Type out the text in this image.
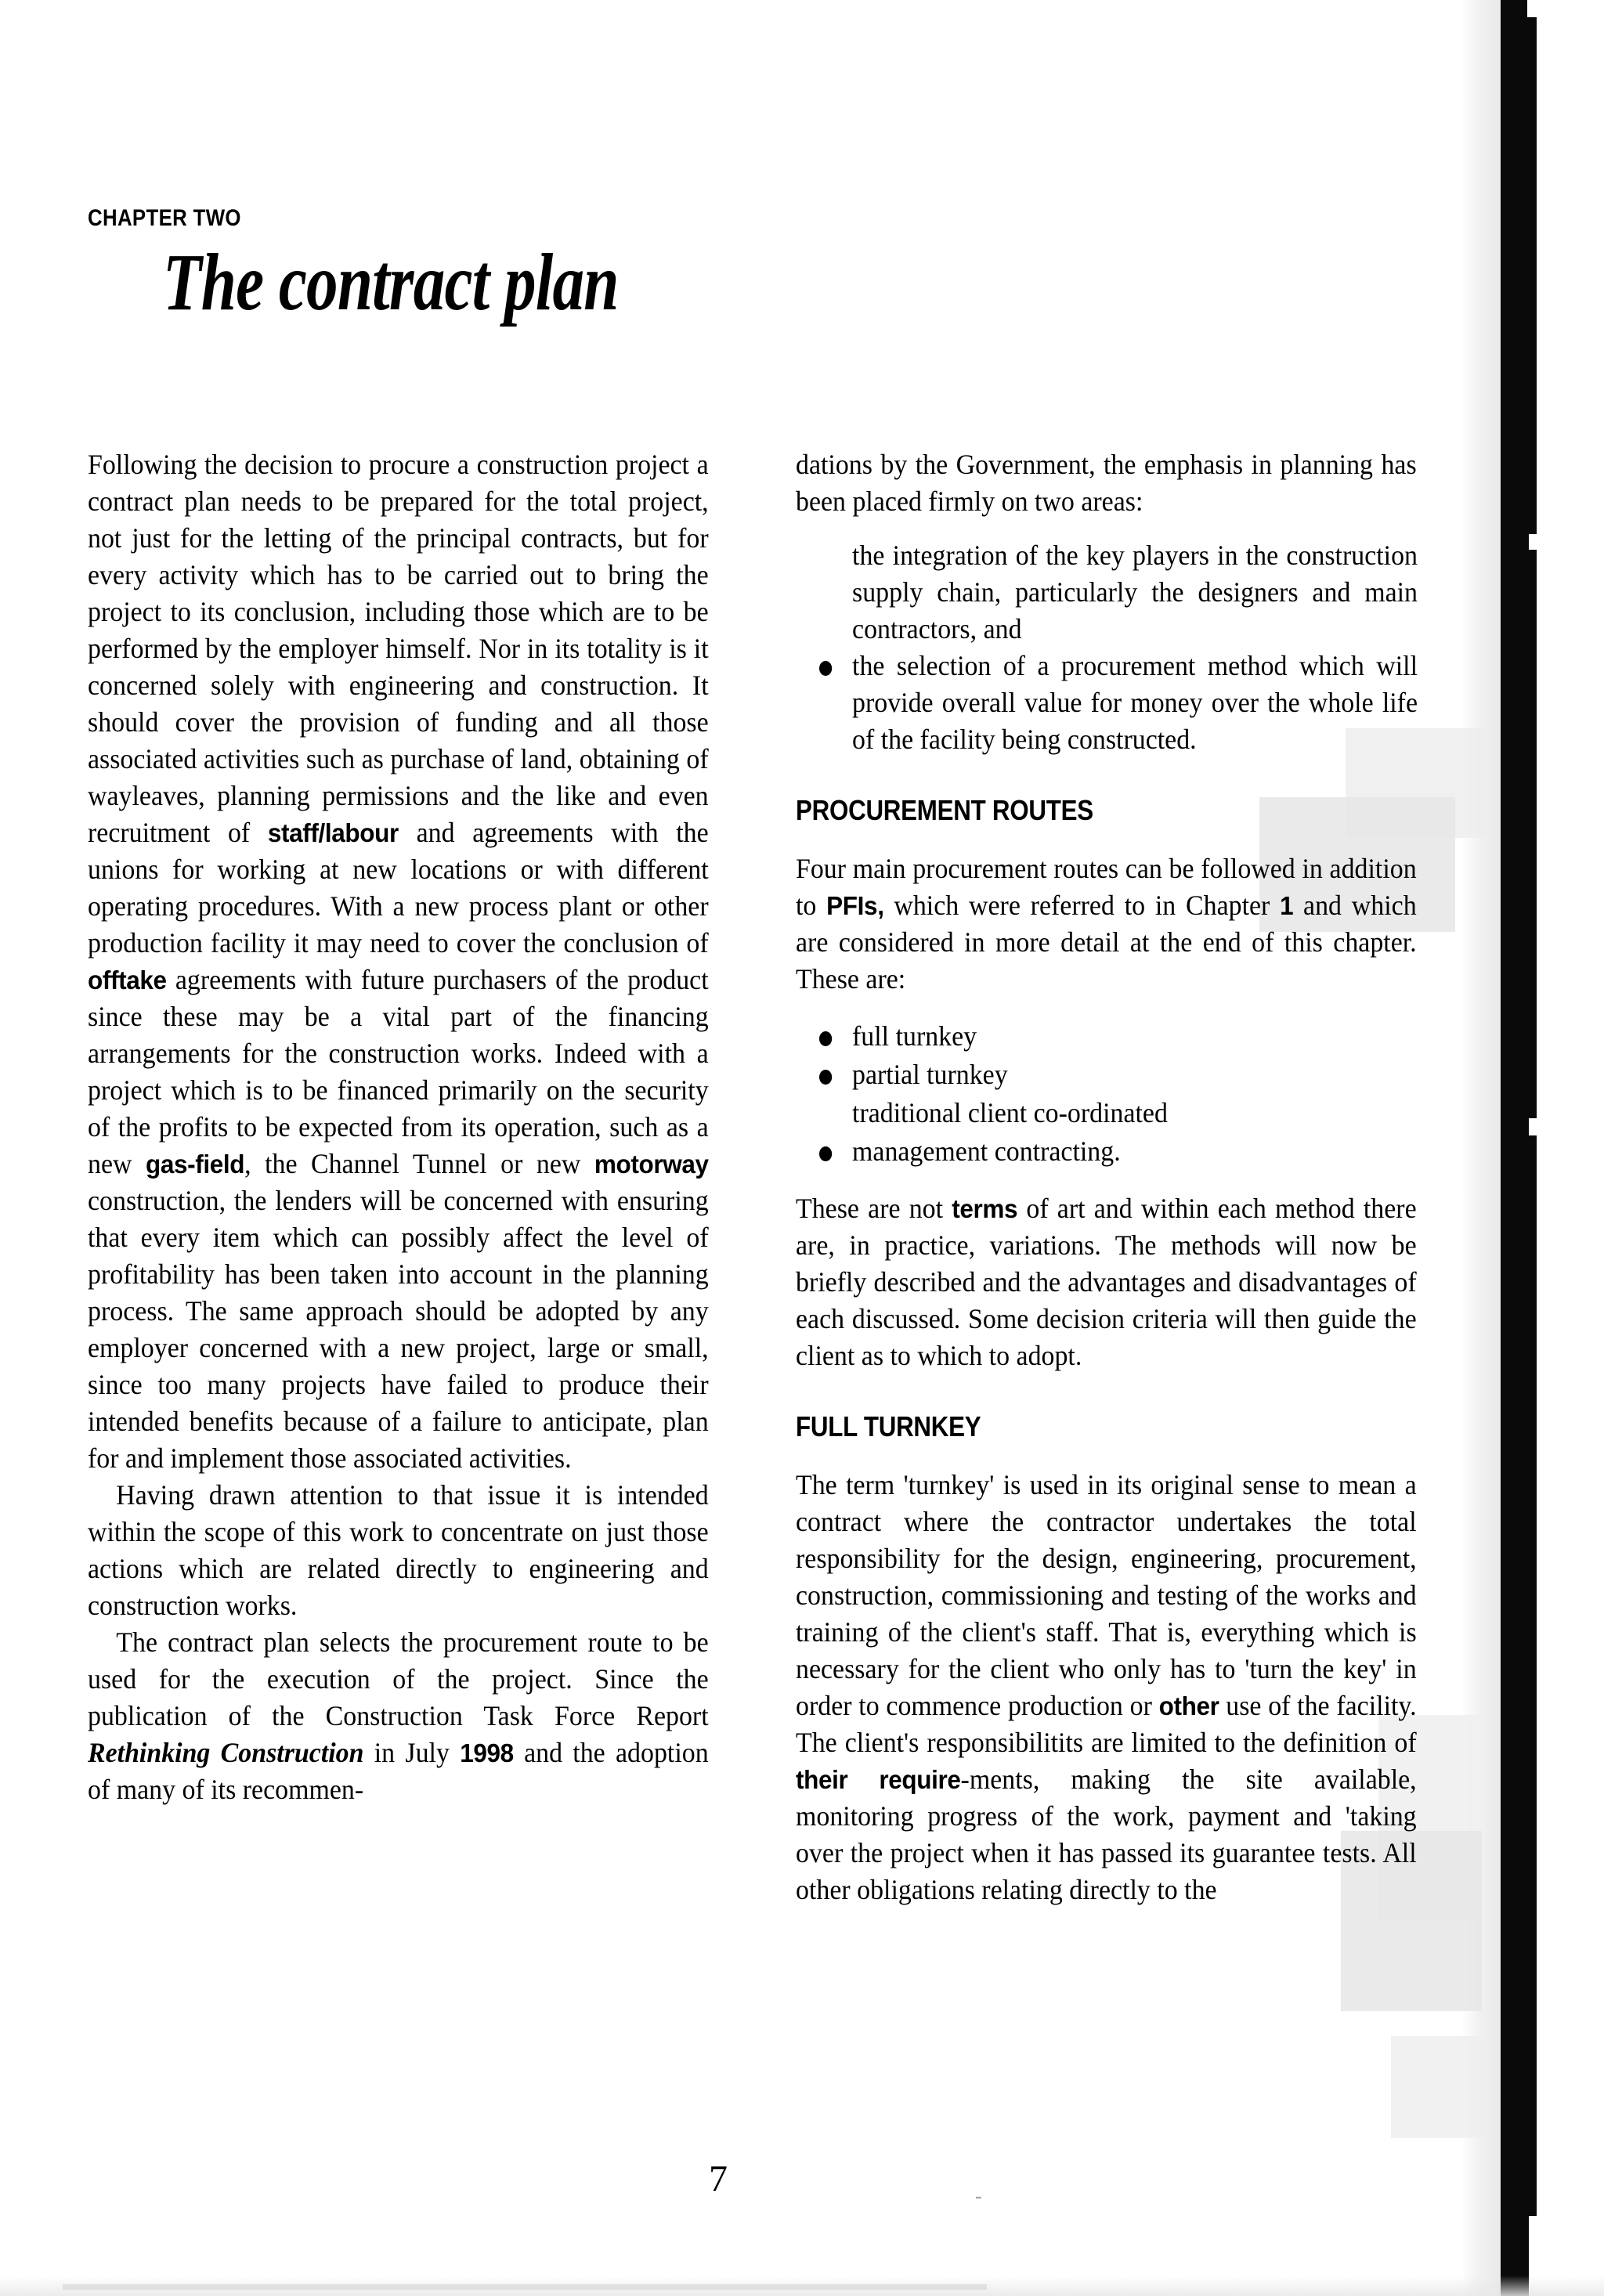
CHAPTER TWO
The contract plan

Following the decision to procure a construction project a contract plan needs to be prepared for the total project, not just for the letting of the principal contracts, but for every activity which has to be carried out to bring the project to its conclusion, including those which are to be performed by the employer himself. Nor in its totality is it concerned solely with engineering and construction. It should cover the provision of funding and all those associated activities such as purchase of land, obtaining of wayleaves, planning permissions and the like and even recruitment of staff/labour and agreements with the unions for working at new locations or with different operating procedures. With a new process plant or other production facility it may need to cover the conclusion of offtake agreements with future purchasers of the product since these may be a vital part of the financing arrangements for the construction works. Indeed with a project which is to be financed primarily on the security of the profits to be expected from its operation, such as a new gas-field, the Channel Tunnel or new motorway construction, the lenders will be concerned with ensuring that every item which can possibly affect the level of profitability has been taken into account in the planning process. The same approach should be adopted by any employer concerned with a new project, large or small, since too many projects have failed to produce their intended benefits because of a failure to anticipate, plan for and implement those associated activities.

Having drawn attention to that issue it is intended within the scope of this work to concentrate on just those actions which are related directly to engineering and construction works.

The contract plan selects the procurement route to be used for the execution of the project. Since the publication of the Construction Task Force Report Rethinking Construction in July 1998 and the adoption of many of its recommen-

dations by the Government, the emphasis in planning has been placed firmly on two areas:

the integration of the key players in the construction supply chain, particularly the designers and main contractors, and
the selection of a procurement method which will provide overall value for money over the whole life of the facility being constructed.
PROCUREMENT ROUTES

Four main procurement routes can be followed in addition to PFIs, which were referred to in Chapter 1 and which are considered in more detail at the end of this chapter. These are:

full turnkey
partial turnkey
traditional client co-ordinated
management contracting.

These are not terms of art and within each method there are, in practice, variations. The methods will now be briefly described and the advantages and disadvantages of each discussed. Some decision criteria will then guide the client as to which to adopt.

FULL TURNKEY

The term 'turnkey' is used in its original sense to mean a contract where the contractor undertakes the total responsibility for the design, engineering, procurement, construction, commissioning and testing of the works and training of the client's staff. That is, everything which is necessary for the client who only has to 'turn the key' in order to commence production or other use of the facility. The client's responsibilitits are limited to the definition of their require-ments, making the site available, monitoring progress of the work, payment and 'taking over the project when it has passed its guarantee tests. All other obligations relating directly to the

7	-
